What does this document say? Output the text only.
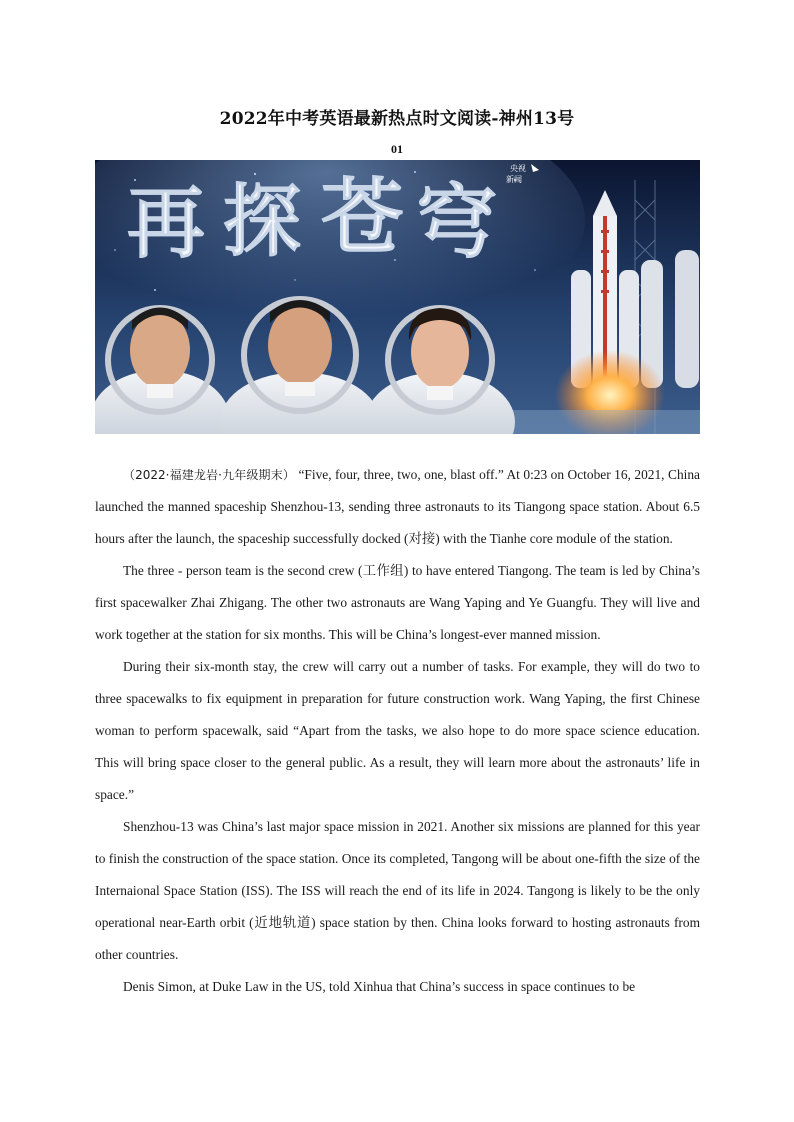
2022年中考英语最新热点时文阅读-神州13号
01
再 探 苍 穹
央视
新闻

（2022·福建龙岩·九年级期末） “Five, four, three, two, one, blast off.” At 0:23 on October 16, 2021, China launched the manned spaceship Shenzhou-13, sending three astronauts to its Tiangong space station. About 6.5 hours after the launch, the spaceship successfully docked (对接) with the Tianhe core module of the station.

The three - person team is the second crew (工作组) to have entered Tiangong. The team is led by China’s first spacewalker Zhai Zhigang. The other two astronauts are Wang Yaping and Ye Guangfu. They will live and work together at the station for six months. This will be China’s longest-ever manned mission.

During their six-month stay, the crew will carry out a number of tasks. For example, they will do two to three spacewalks to fix equipment in preparation for future construction work. Wang Yaping, the first Chinese woman to perform spacewalk, said “Apart from the tasks, we also hope to do more space science education. This will bring space closer to the general public. As a result, they will learn more about the astronauts’ life in space.”

Shenzhou-13 was China’s last major space mission in 2021. Another six missions are planned for this year to finish the construction of the space station. Once its completed, Tangong will be about one-fifth the size of the Internaional Space Station (ISS). The ISS will reach the end of its life in 2024. Tangong is likely to be the only operational near-Earth orbit (近地轨道) space station by then. China looks forward to hosting astronauts from other countries.

Denis Simon, at Duke Law in the US, told Xinhua that China’s success in space continues to be
